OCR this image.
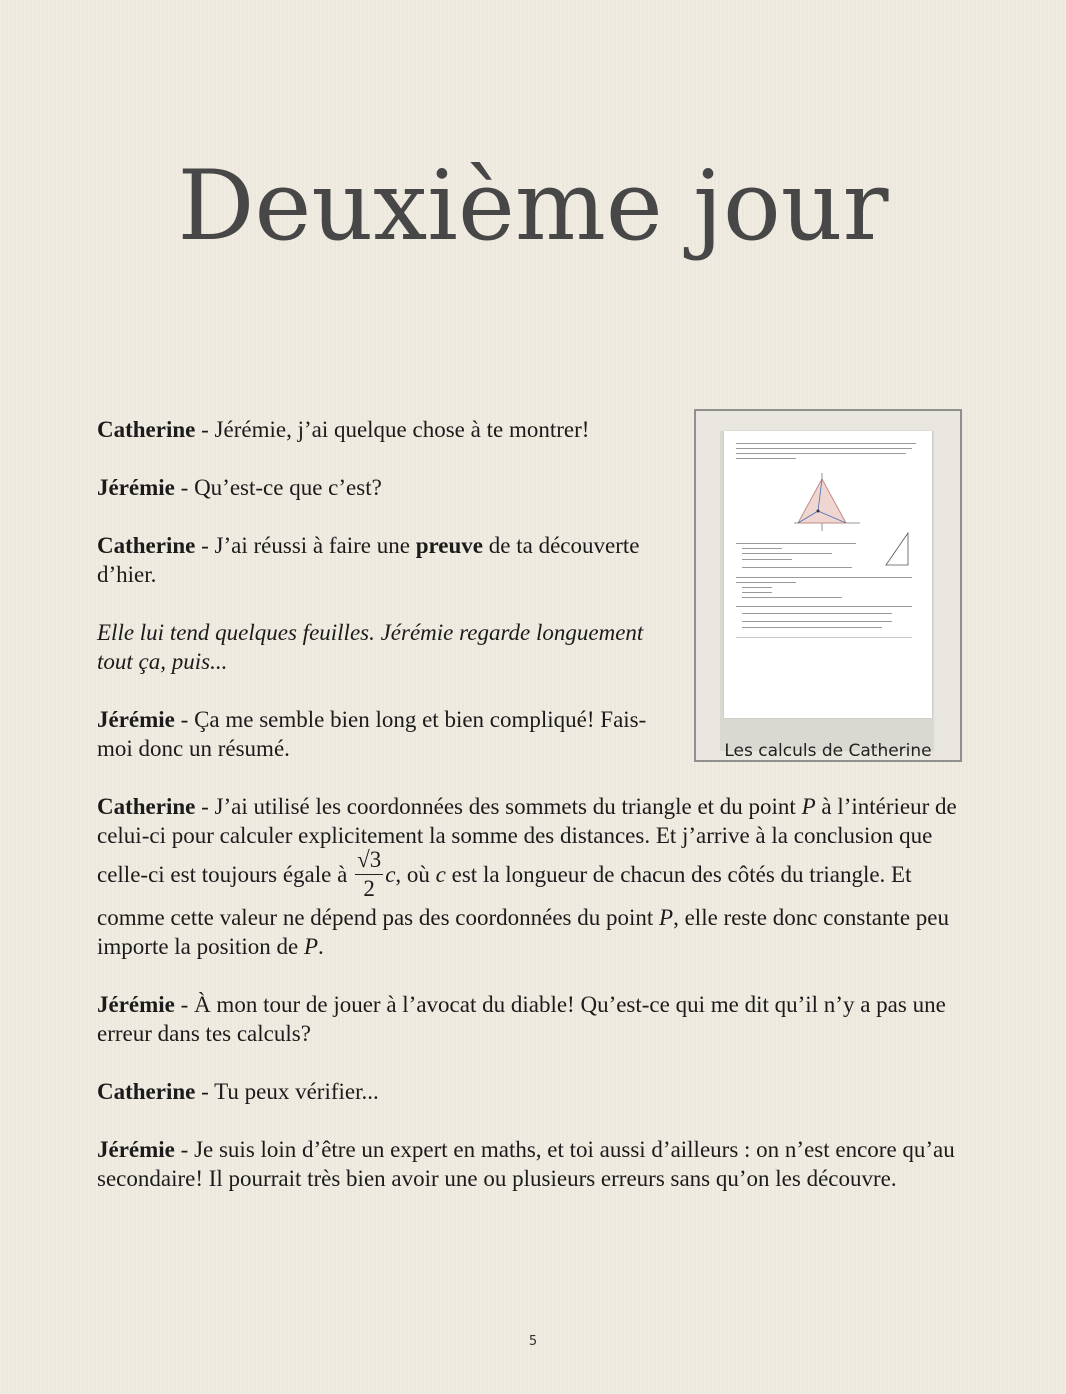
Deuxième jour
Les calculs de Catherine

Catherine - Jérémie, j’ai quelque chose à te montrer!

Jérémie - Qu’est-ce que c’est?

Catherine - J’ai réussi à faire une preuve de ta découverte d’hier.

Elle lui tend quelques feuilles. Jérémie regarde longuement tout ça, puis...

Jérémie - Ça me semble bien long et bien compliqué! Fais-moi donc un résumé.

Catherine - J’ai utilisé les coordonnées des sommets du triangle et du point P à l’intérieur de celui-ci pour calculer explicitement la somme des distances. Et j’arrive à la conclusion que celle-ci est toujours égale à $\frac{√3}{2} c$, où c est la longueur de chacun des côtés du triangle. Et comme cette valeur ne dépend pas des coordonnées du point P, elle reste donc constante peu importe la position de P.

Jérémie - À mon tour de jouer à l’avocat du diable! Qu’est-ce qui me dit qu’il n’y a pas une erreur dans tes calculs?

Catherine - Tu peux vérifier...

Jérémie - Je suis loin d’être un expert en maths, et toi aussi d’ailleurs : on n’est encore qu’au secondaire! Il pourrait très bien avoir une ou plusieurs erreurs sans qu’on les découvre.

5
